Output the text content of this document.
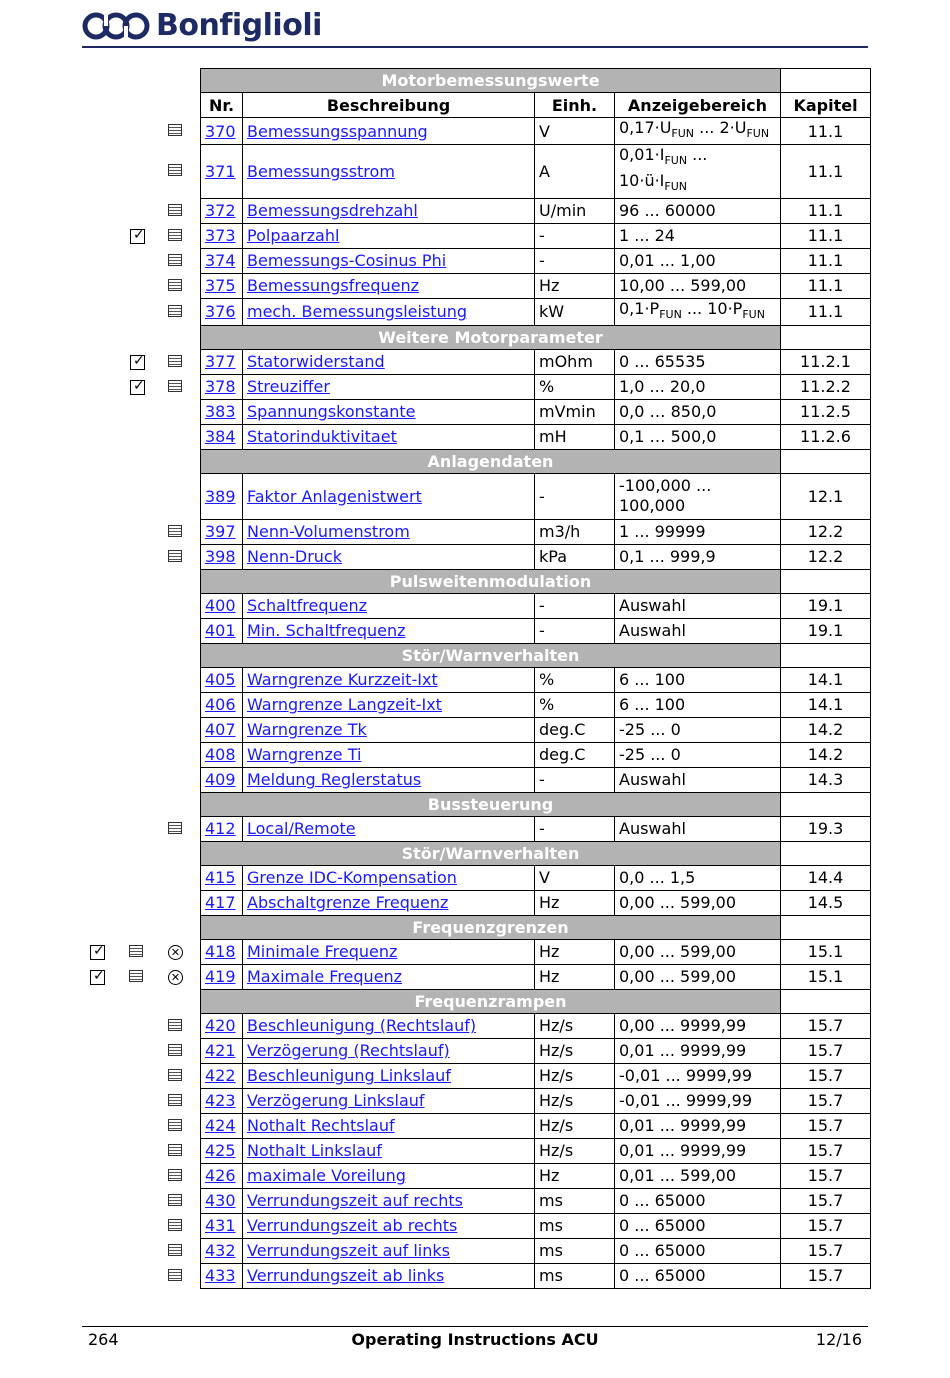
Bonfiglioli
Motorbemessungswerte				
Nr.	Beschreibung	Einh.	Anzeigebereich	Kapitel
370	Bemessungsspannung	V	$0,17\cdot U_{FUN}$ ... $2\cdot U_{FUN}$	11.1
371	Bemessungsstrom	A	$0,01\cdot I_{FUN}$ ...
$10\cdot ü\cdot I_{FUN}$	11.1
372	Bemessungsdrehzahl	U/min	96 ... 60000	11.1
373	Polpaarzahl	-	1 ... 24	11.1
374	Bemessungs-Cosinus Phi	-	0,01 ... 1,00	11.1
375	Bemessungsfrequenz	Hz	10,00 ... 599,00	11.1
376	mech. Bemessungsleistung	kW	$0,1\cdot P_{FUN}$ ... $10\cdot P_{FUN}$	11.1
Weitere Motorparameter				
377	Statorwiderstand	mOhm	0 ... 65535	11.2.1
378	Streuziffer	%	1,0 ... 20,0	11.2.2
383	Spannungskonstante	mVmin	0,0 … 850,0	11.2.5
384	Statorinduktivitaet	mH	0,1 … 500,0	11.2.6
Anlagendaten				
389	Faktor Anlagenistwert	-	-100,000 ...
100,000	12.1
397	Nenn-Volumenstrom	m3/h	1 ... 99999	12.2
398	Nenn-Druck	kPa	0,1 ... 999,9	12.2
Pulsweitenmodulation				
400	Schaltfrequenz	-	Auswahl	19.1
401	Min. Schaltfrequenz	-	Auswahl	19.1
Stör/Warnverhalten				
405	Warngrenze Kurzzeit-Ixt	%	6 ... 100	14.1
406	Warngrenze Langzeit-Ixt	%	6 ... 100	14.1
407	Warngrenze Tk	deg.C	-25 ... 0	14.2
408	Warngrenze Ti	deg.C	-25 ... 0	14.2
409	Meldung Reglerstatus	-	Auswahl	14.3
Bussteuerung				
412	Local/Remote	-	Auswahl	19.3
Stör/Warnverhalten				
415	Grenze IDC-Kompensation	V	0,0 ... 1,5	14.4
417	Abschaltgrenze Frequenz	Hz	0,00 ... 599,00	14.5
Frequenzgrenzen				
418	Minimale Frequenz	Hz	0,00 ... 599,00	15.1
419	Maximale Frequenz	Hz	0,00 ... 599,00	15.1
Frequenzrampen				
420	Beschleunigung (Rechtslauf)	Hz/s	0,00 ... 9999,99	15.7
421	Verzögerung (Rechtslauf)	Hz/s	0,01 ... 9999,99	15.7
422	Beschleunigung Linkslauf	Hz/s	-0,01 ... 9999,99	15.7
423	Verzögerung Linkslauf	Hz/s	-0,01 ... 9999,99	15.7
424	Nothalt Rechtslauf	Hz/s	0,01 ... 9999,99	15.7
425	Nothalt Linkslauf	Hz/s	0,01 ... 9999,99	15.7
426	maximale Voreilung	Hz	0,01 ... 599,00	15.7
430	Verrundungszeit auf rechts	ms	0 ... 65000	15.7
431	Verrundungszeit ab rechts	ms	0 ... 65000	15.7
432	Verrundungszeit auf links	ms	0 ... 65000	15.7
433	Verrundungszeit ab links	ms	0 ... 65000	15.7
✓
✓
✓
✓	✕
✓	✕
264	Operating Instructions ACU	12/16
